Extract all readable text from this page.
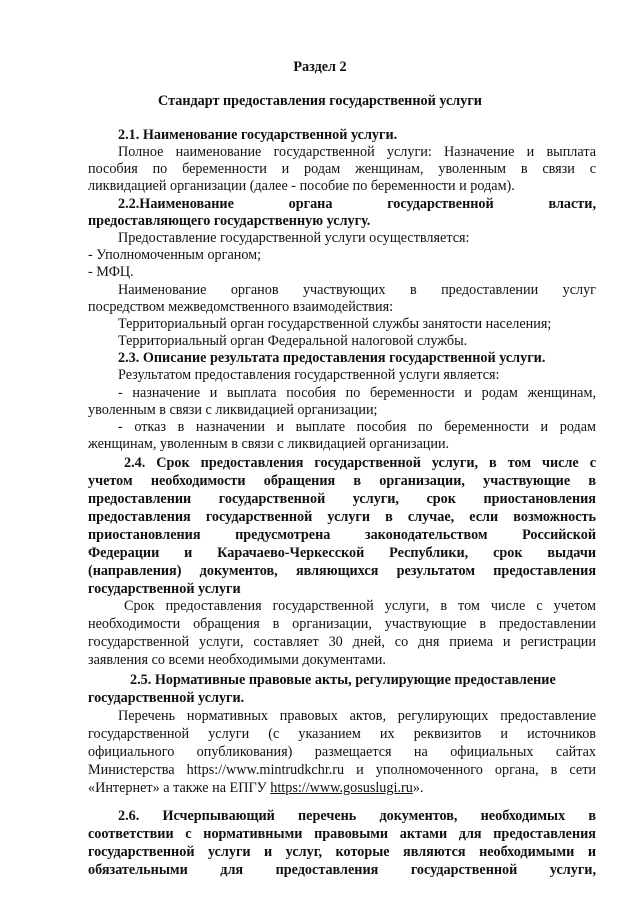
Раздел 2

Стандарт предоставления государственной услуги

2.1. Наименование государственной услуги.

Полное наименование государственной услуги: Назначение и выплата

пособия по беременности и родам женщинам, уволенным в связи с

ликвидацией организации (далее - пособие по беременности и родам).

2.2.Наименование органа государственной власти,

предоставляющего государственную услугу.

Предоставление государственной услуги осуществляется:

- Уполномоченным органом;

- МФЦ.

Наименование органов участвующих в предоставлении услуг

посредством межведомственного взаимодействия:

Территориальный орган государственной службы занятости населения;

Территориальный орган Федеральной налоговой службы.

2.3. Описание результата предоставления государственной услуги.

Результатом предоставления государственной услуги является:

- назначение и выплата пособия по беременности и родам женщинам,

уволенным в связи с ликвидацией организации;

- отказ в назначении и выплате пособия по беременности и родам

женщинам, уволенным в связи с ликвидацией организации.

2.4. Срок предоставления государственной услуги, в том числе с

учетом необходимости обращения в организации, участвующие в

предоставлении государственной услуги, срок приостановления

предоставления государственной услуги в случае, если возможность

приостановления предусмотрена законодательством Российской

Федерации и Карачаево-Черкесской Республики, срок выдачи

(направления) документов, являющихся результатом предоставления

государственной услуги

Срок предоставления государственной услуги, в том числе с учетом

необходимости обращения в организации, участвующие в предоставлении

государственной услуги, составляет 30 дней, со дня приема и регистрации

заявления со всеми необходимыми документами.

2.5. Нормативные правовые акты, регулирующие предоставление

государственной услуги.

Перечень нормативных правовых актов, регулирующих предоставление

государственной услуги (с указанием их реквизитов и источников

официального опубликования) размещается на официальных сайтах

Министерства https://www.mintrudkchr.ru и уполномоченного органа, в сети

«Интернет» а также на ЕПГУ https://www.gosuslugi.ru».

2.6. Исчерпывающий перечень документов, необходимых в

соответствии с нормативными правовыми актами для предоставления

государственной услуги и услуг, которые являются необходимыми и

обязательными для предоставления государственной услуги,
